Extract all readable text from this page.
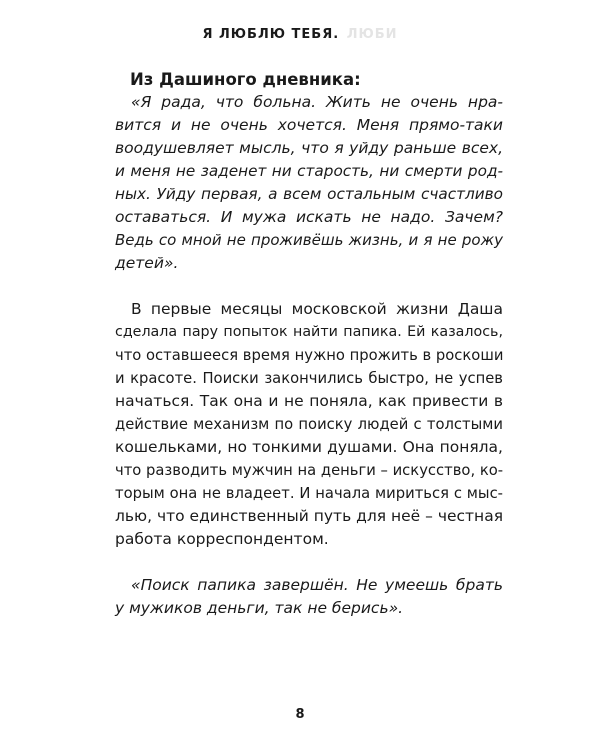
Я ЛЮБЛЮ ТЕБЯ. ЛЮБИ
Из Дашиного дневника:
«Я рада, что больна. Жить не очень нра-
вится и не очень хочется. Меня прямо-таки
воодушевляет мысль, что я уйду раньше всех,
и меня не заденет ни старость, ни смерти род-
ных. Уйду первая, а всем остальным счастливо
оставаться. И мужа искать не надо. Зачем?
Ведь со мной не проживёшь жизнь, и я не рожу
детей».
В первые месяцы московской жизни Даша
сделала пару попыток найти папика. Ей казалось,
что оставшееся время нужно прожить в роскоши
и красоте. Поиски закончились быстро, не успев
начаться. Так она и не поняла, как привести в
действие механизм по поиску людей с толстыми
кошельками, но тонкими душами. Она поняла,
что разводить мужчин на деньги – искусство, ко-
торым она не владеет. И начала мириться с мыс-
лью, что единственный путь для неё – честная
работа корреспондентом.
«Поиск папика завершён. Не умеешь брать
у мужиков деньги, так не берись».
8
